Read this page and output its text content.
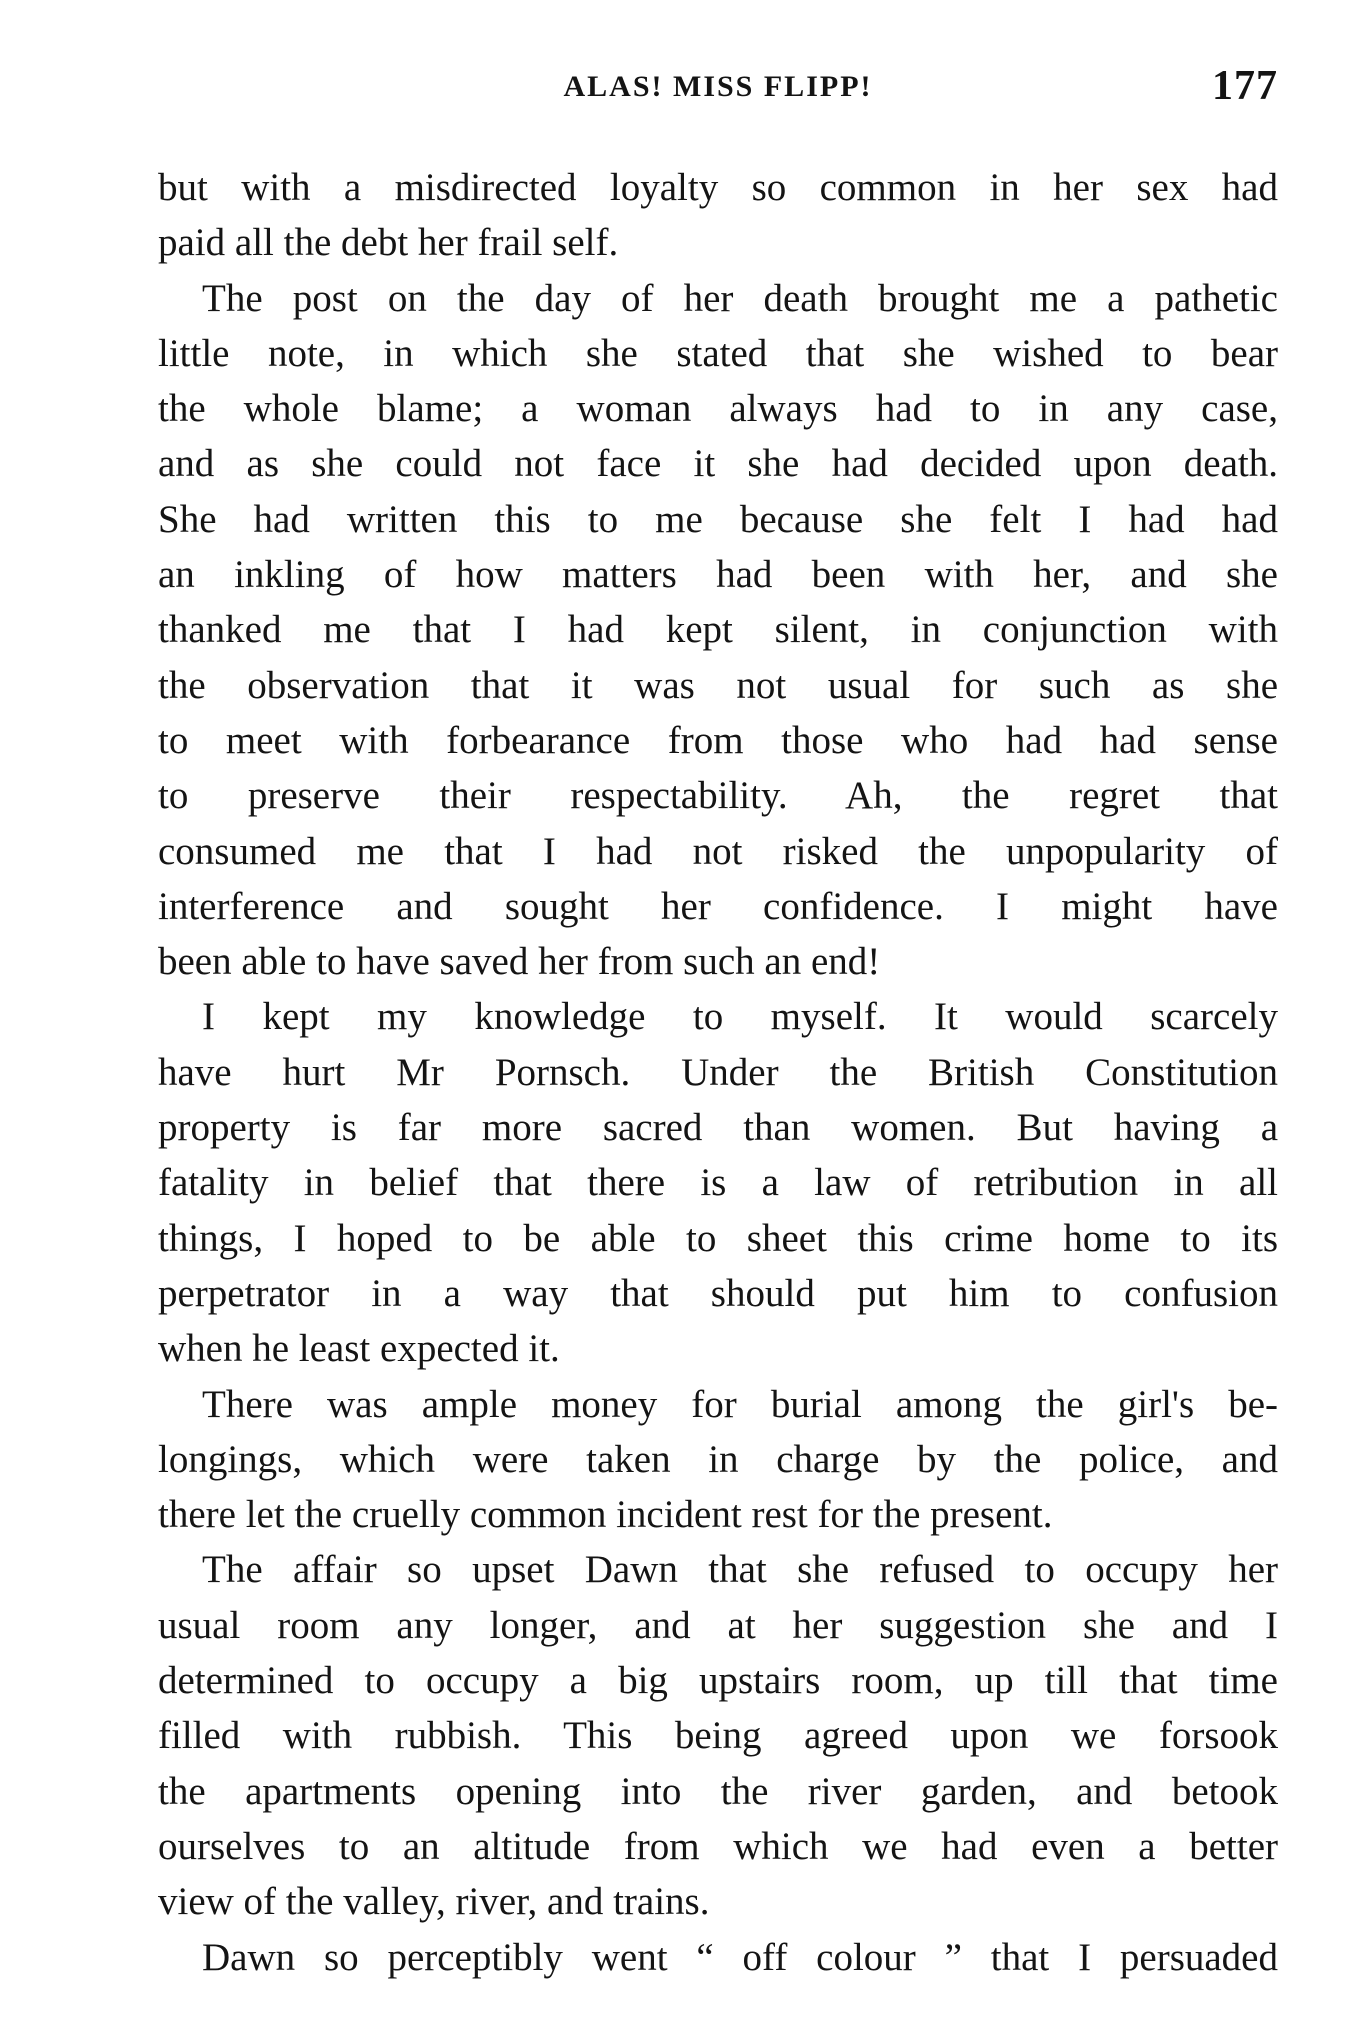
ALAS! MISS FLIPP!	177
but with a misdirected loyalty so common in her sex had
paid all the debt her frail self.
The post on the day of her death brought me a pathetic
little note, in which she stated that she wished to bear
the whole blame; a woman always had to in any case,
and as she could not face it she had decided upon death.
She had written this to me because she felt I had had
an inkling of how matters had been with her, and she
thanked me that I had kept silent, in conjunction with
the observation that it was not usual for such as she
to meet with forbearance from those who had had sense
to preserve their respectability. Ah, the regret that
consumed me that I had not risked the unpopularity of
interference and sought her confidence. I might have
been able to have saved her from such an end!
I kept my knowledge to myself. It would scarcely
have hurt Mr Pornsch. Under the British Constitution
property is far more sacred than women. But having a
fatality in belief that there is a law of retribution in all
things, I hoped to be able to sheet this crime home to its
perpetrator in a way that should put him to confusion
when he least expected it.
There was ample money for burial among the girl's be-
longings, which were taken in charge by the police, and
there let the cruelly common incident rest for the present.
The affair so upset Dawn that she refused to occupy her
usual room any longer, and at her suggestion she and I
determined to occupy a big upstairs room, up till that time
filled with rubbish. This being agreed upon we forsook
the apartments opening into the river garden, and betook
ourselves to an altitude from which we had even a better
view of the valley, river, and trains.
Dawn so perceptibly went “ off colour ” that I persuaded
